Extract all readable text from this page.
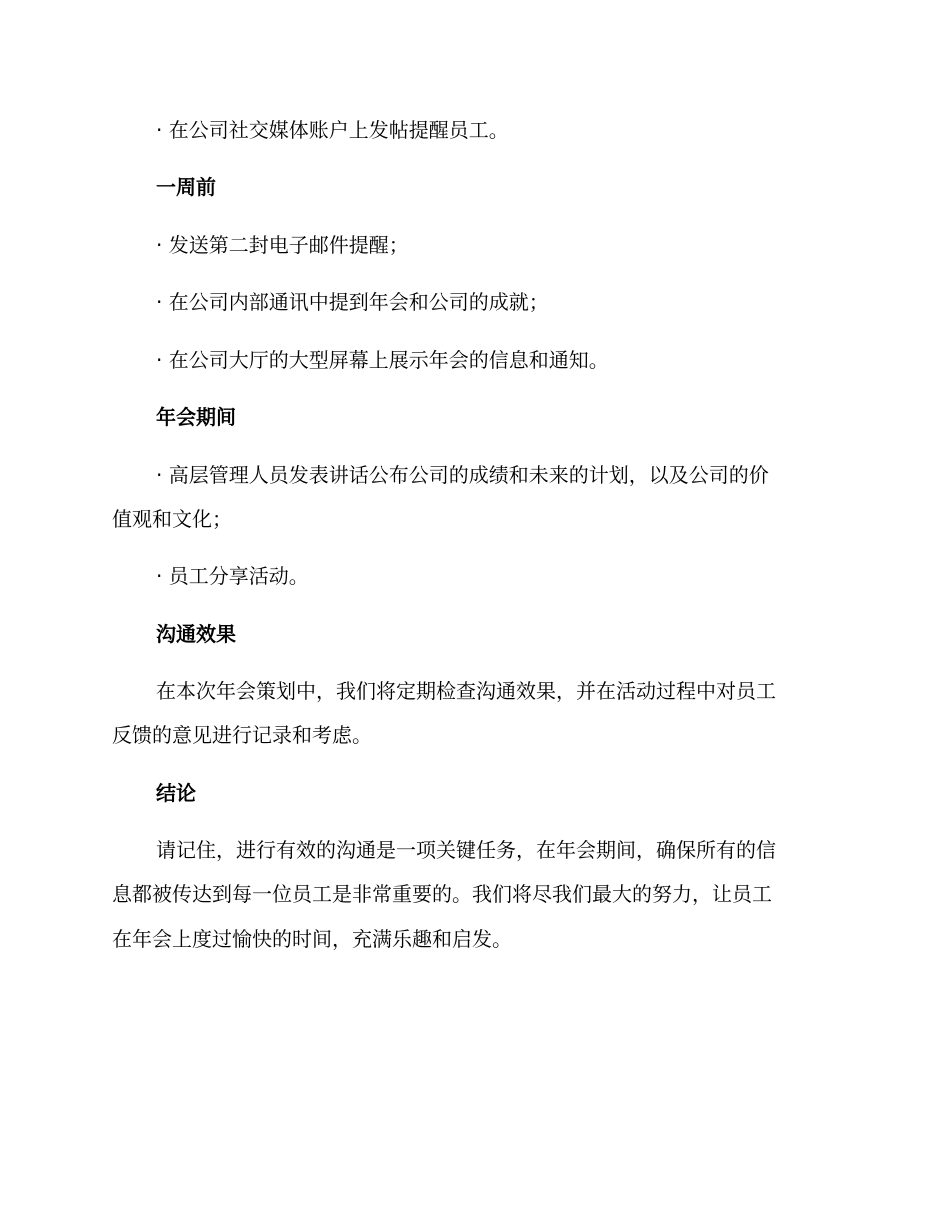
· 在公司社交媒体账户上发帖提醒员工。
一周前
· 发送第二封电子邮件提醒；
· 在公司内部通讯中提到年会和公司的成就；
· 在公司大厅的大型屏幕上展示年会的信息和通知。
年会期间
· 高层管理人员发表讲话公布公司的成绩和未来的计划，以及公司的价
值观和文化；
· 员工分享活动。
沟通效果
在本次年会策划中，我们将定期检查沟通效果，并在活动过程中对员工
反馈的意见进行记录和考虑。
结论
请记住，进行有效的沟通是一项关键任务，在年会期间，确保所有的信
息都被传达到每一位员工是非常重要的。我们将尽我们最大的努力，让员工
在年会上度过愉快的时间，充满乐趣和启发。
